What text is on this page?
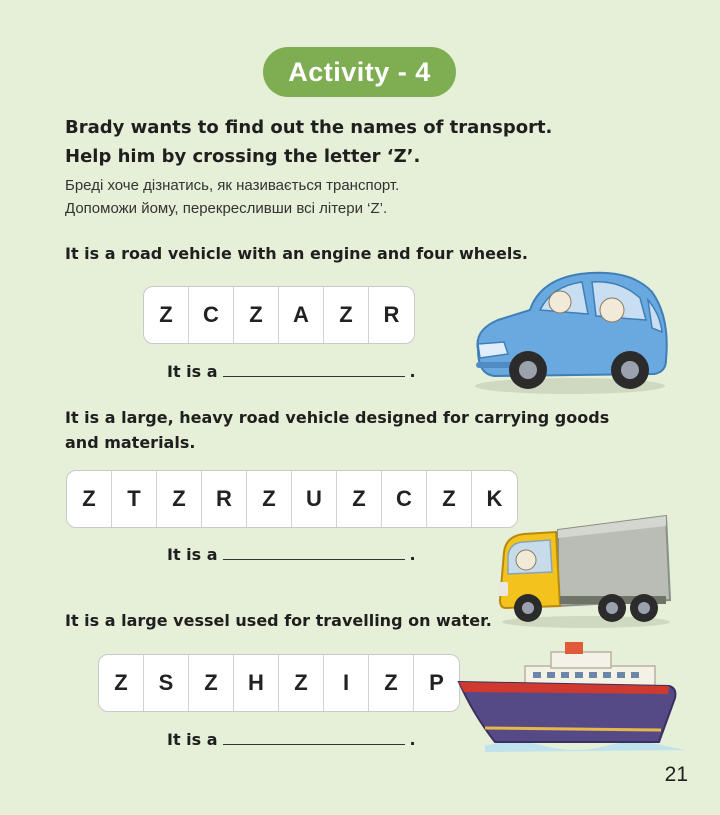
Activity - 4
Brady wants to find out the names of transport.
Help him by crossing the letter ‘Z’.
Бреді хоче дізнатись, як називається транспорт.
Допоможи йому, перекресливши всі літери ‘Z’.
It is a road vehicle with an engine and four wheels.
Z	C	Z	A	Z	R
It is a	.
It is a large, heavy road vehicle designed for carrying goods
and materials.
Z	T	Z	R	Z	U	Z	C	Z	K
It is a	.
It is a large vessel used for travelling on water.
Z	S	Z	H	Z	I	Z	P
It is a	.
21
